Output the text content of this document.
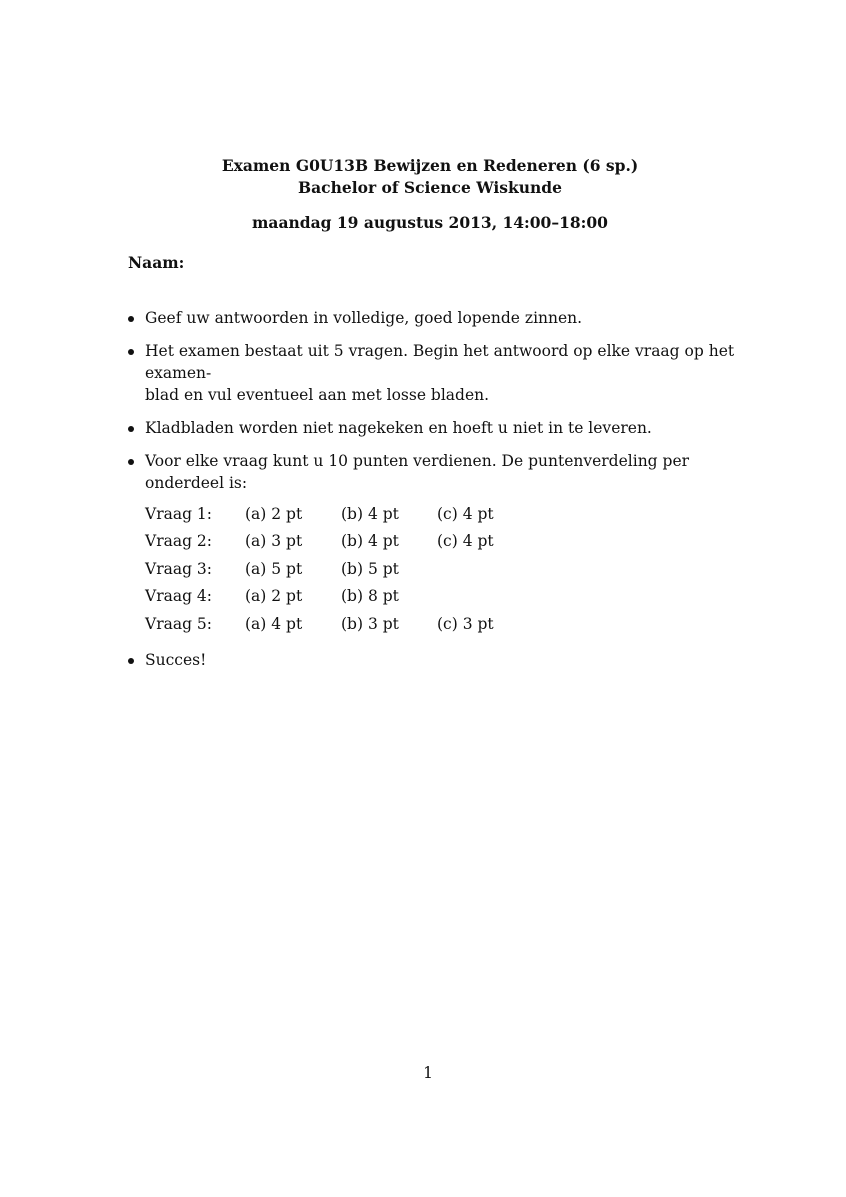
Examen G0U13B Bewijzen en Redeneren (6 sp.)
Bachelor of Science Wiskunde
maandag 19 augustus 2013, 14:00–18:00
Naam:
Geef uw antwoorden in volledige, goed lopende zinnen.
Het examen bestaat uit 5 vragen. Begin het antwoord op elke vraag op het examen-
blad en vul eventueel aan met losse bladen.
Kladbladen worden niet nagekeken en hoeft u niet in te leveren.
Voor elke vraag kunt u 10 punten verdienen. De puntenverdeling per onderdeel is:
Vraag 1:	(a) 2 pt	(b) 4 pt	(c) 4 pt
Vraag 2:	(a) 3 pt	(b) 4 pt	(c) 4 pt
Vraag 3:	(a) 5 pt	(b) 5 pt	
Vraag 4:	(a) 2 pt	(b) 8 pt	
Vraag 5:	(a) 4 pt	(b) 3 pt	(c) 3 pt
Succes!
1
